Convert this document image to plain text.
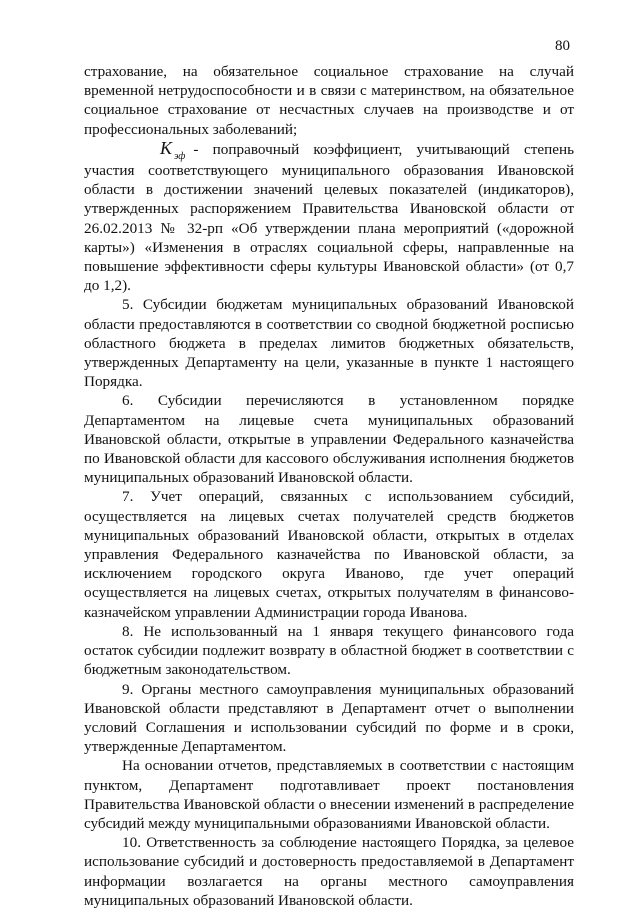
80

страхование, на обязательное социальное страхование на случай временной нетрудоспособности и в связи с материнством, на обязательное социальное страхование от несчастных случаев на производстве и от профессиональных заболеваний;

K $_{эф}$ - поправочный коэффициент, учитывающий степень участия соответствующего муниципального образования Ивановской области в достижении значений целевых показателей (индикаторов), утвержденных распоряжением Правительства Ивановской области от 26.02.2013 № 32-рп «Об утверждении плана мероприятий («дорожной карты») «Изменения в отраслях социальной сферы, направленные на повышение эффективности сферы культуры Ивановской области» (от 0,7 до 1,2).

5. Субсидии бюджетам муниципальных образований Ивановской области предоставляются в соответствии со сводной бюджетной росписью областного бюджета в пределах лимитов бюджетных обязательств, утвержденных Департаменту на цели, указанные в пункте 1 настоящего Порядка.

6. Субсидии перечисляются в установленном порядке Департаментом на лицевые счета муниципальных образований Ивановской области, открытые в управлении Федерального казначейства по Ивановской области для кассового обслуживания исполнения бюджетов муниципальных образований Ивановской области.

7. Учет операций, связанных с использованием субсидий, осуществляется на лицевых счетах получателей средств бюджетов муниципальных образований Ивановской области, открытых в отделах управления Федерального казначейства по Ивановской области, за исключением городского округа Иваново, где учет операций осуществляется на лицевых счетах, открытых получателям в финансово-казначейском управлении Администрации города Иванова.

8. Не использованный на 1 января текущего финансового года остаток субсидии подлежит возврату в областной бюджет в соответствии с бюджетным законодательством.

9. Органы местного самоуправления муниципальных образований Ивановской области представляют в Департамент отчет о выполнении условий Соглашения и использовании субсидий по форме и в сроки, утвержденные Департаментом.

На основании отчетов, представляемых в соответствии с настоящим пунктом, Департамент подготавливает проект постановления Правительства Ивановской области о внесении изменений в распределение субсидий между муниципальными образованиями Ивановской области.

10. Ответственность за соблюдение настоящего Порядка, за целевое использование субсидий и достоверность предоставляемой в Департамент информации возлагается на органы местного самоуправления муниципальных образований Ивановской области.
